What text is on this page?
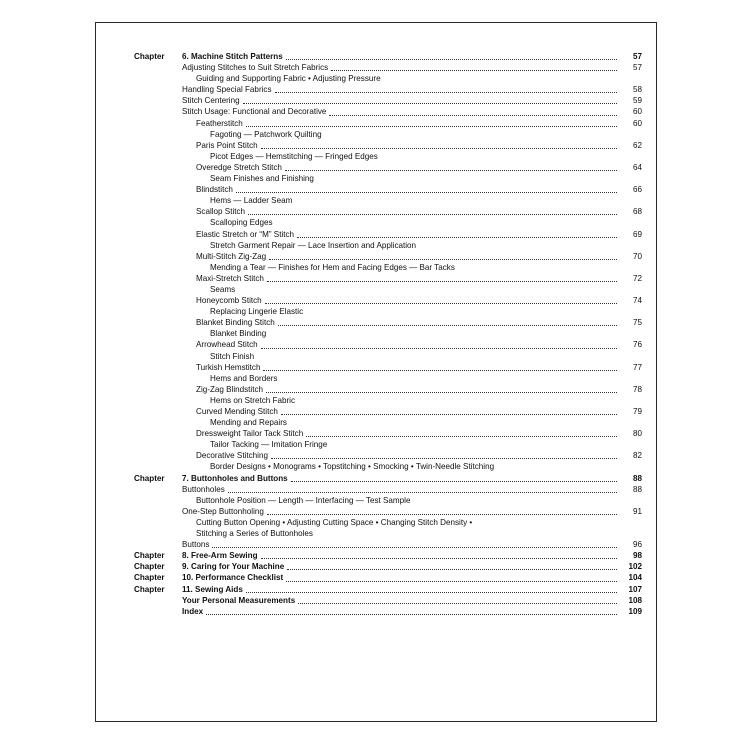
Chapter	6. Machine Stitch Patterns	57
Adjusting Stitches to Suit Stretch Fabrics	57
Guiding and Supporting Fabric • Adjusting Pressure
Handling Special Fabrics	58
Stitch Centering	59
Stitch Usage: Functional and Decorative	60
Featherstitch	60
Fagoting — Patchwork Quilting
Paris Point Stitch	62
Picot Edges — Hemstitching — Fringed Edges
Overedge Stretch Stitch	64
Seam Finishes and Finishing
Blindstitch	66
Hems — Ladder Seam
Scallop Stitch	68
Scalloping Edges
Elastic Stretch or “M” Stitch	69
Stretch Garment Repair — Lace Insertion and Application
Multi-Stitch Zig-Zag	70
Mending a Tear — Finishes for Hem and Facing Edges — Bar Tacks
Maxi-Stretch Stitch	72
Seams
Honeycomb Stitch	74
Replacing Lingerie Elastic
Blanket Binding Stitch	75
Blanket Binding
Arrowhead Stitch	76
Stitch Finish
Turkish Hemstitch	77
Hems and Borders
Zig-Zag Blindstitch	78
Hems on Stretch Fabric
Curved Mending Stitch	79
Mending and Repairs
Dressweight Tailor Tack Stitch	80
Tailor Tacking — Imitation Fringe
Decorative Stitching	82
Border Designs • Monograms • Topstitching • Smocking • Twin-Needle Stitching
Chapter	7. Buttonholes and Buttons	88
Buttonholes	88
Buttonhole Position — Length — Interfacing — Test Sample
One-Step Buttonholing	91
Cutting Button Opening • Adjusting Cutting Space • Changing Stitch Density •
Stitching a Series of Buttonholes
Buttons	96
Chapter	8. Free-Arm Sewing	98
Chapter	9. Caring for Your Machine	102
Chapter	10. Performance Checklist	104
Chapter	11. Sewing Aids	107
Your Personal Measurements	108
Index	109
